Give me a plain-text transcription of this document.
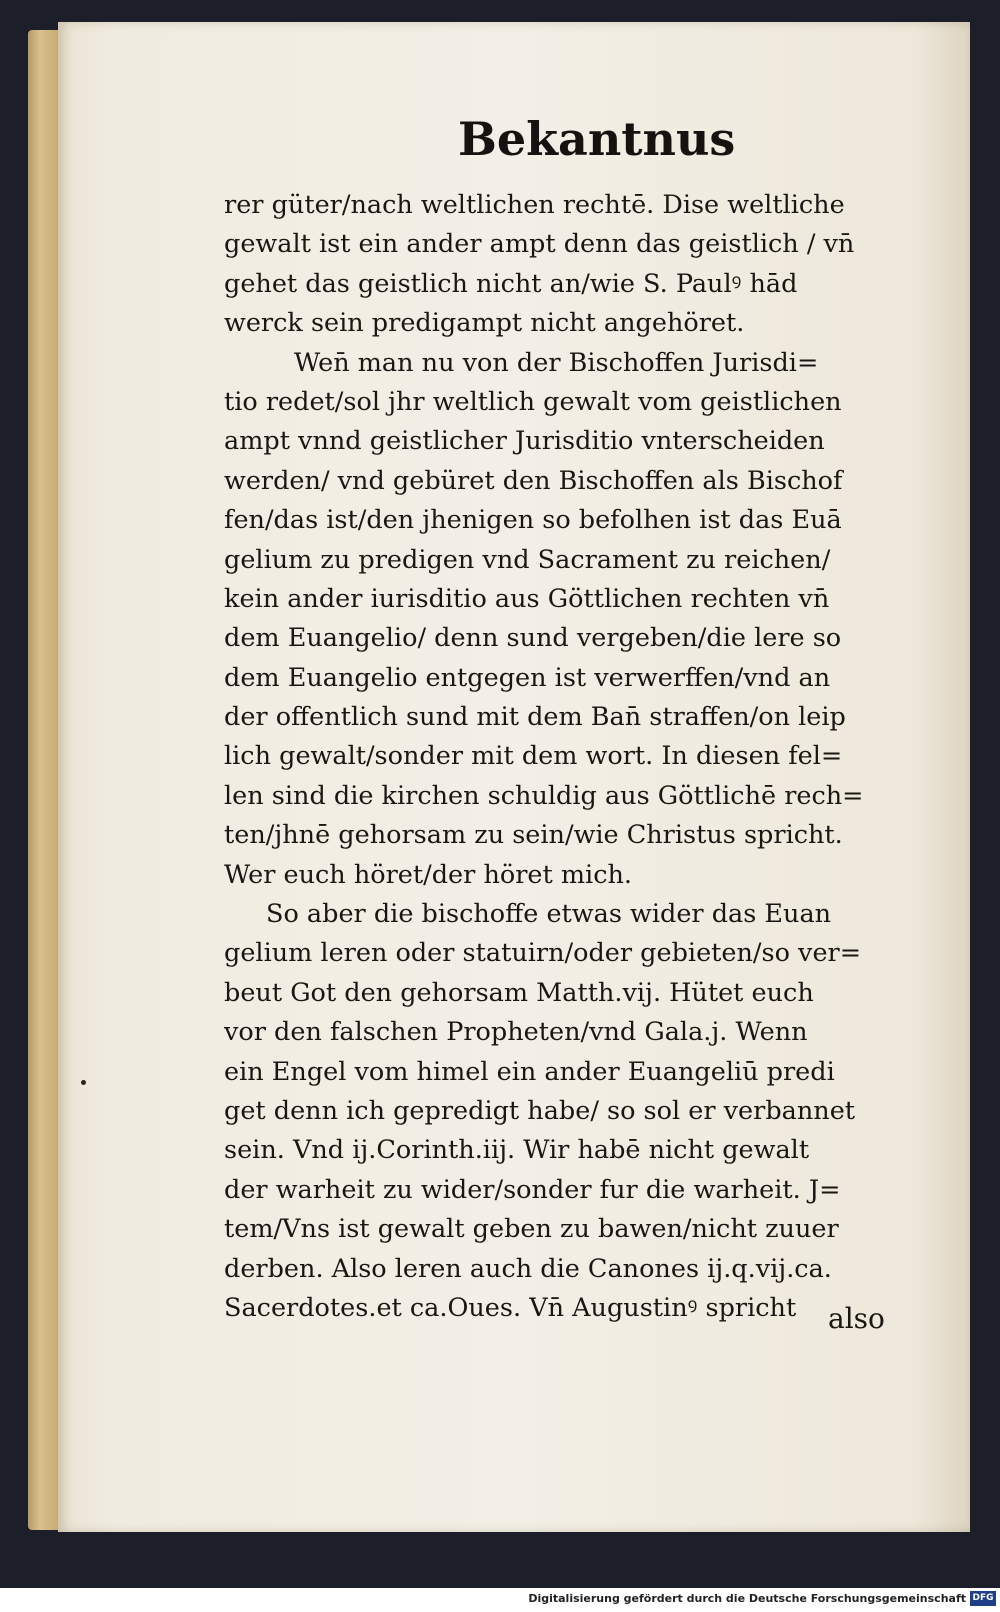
Bekantnus
rer güter/nach weltlichen rechtē. Dise weltliche
gewalt ist ein ander ampt denn das geistlich / vn̄
gehet das geistlich nicht an/wie S. Paulꝰ hād
werck sein predigampt nicht angehöret.
Wen̄ man nu von der Bischoffen Jurisdi=
tio redet/sol jhr weltlich gewalt vom geistlichen
ampt vnnd geistlicher Jurisditio vnterscheiden
werden/ vnd gebüret den Bischoffen als Bischof
fen/das ist/den jhenigen so befolhen ist das Euā
gelium zu predigen vnd Sacrament zu reichen/
kein ander iurisditio aus Göttlichen rechten vn̄
dem Euangelio/ denn sund vergeben/die lere so
dem Euangelio entgegen ist verwerffen/vnd an
der offentlich sund mit dem Ban̄ straffen/on leip
lich gewalt/sonder mit dem wort. In diesen fel=
len sind die kirchen schuldig aus Göttlichē rech=
ten/jhnē gehorsam zu sein/wie Christus spricht.
Wer euch höret/der höret mich.
So aber die bischoffe etwas wider das Euan
gelium leren oder statuirn/oder gebieten/so ver=
beut Got den gehorsam Matth.vij. Hütet euch
vor den falschen Propheten/vnd Gala.j. Wenn
ein Engel vom himel ein ander Euangeliū predi
get denn ich gepredigt habe/ so sol er verbannet
sein. Vnd ij.Corinth.iij. Wir habē nicht gewalt
der warheit zu wider/sonder fur die warheit. J=
tem/Vns ist gewalt geben zu bawen/nicht zuuer
derben. Also leren auch die Canones ij.q.vij.ca.
Sacerdotes.et ca.Oues. Vn̄ Augustinꝰ spricht	also
Digitalisierung gefördert durch die Deutsche Forschungsgemeinschaft DFG
